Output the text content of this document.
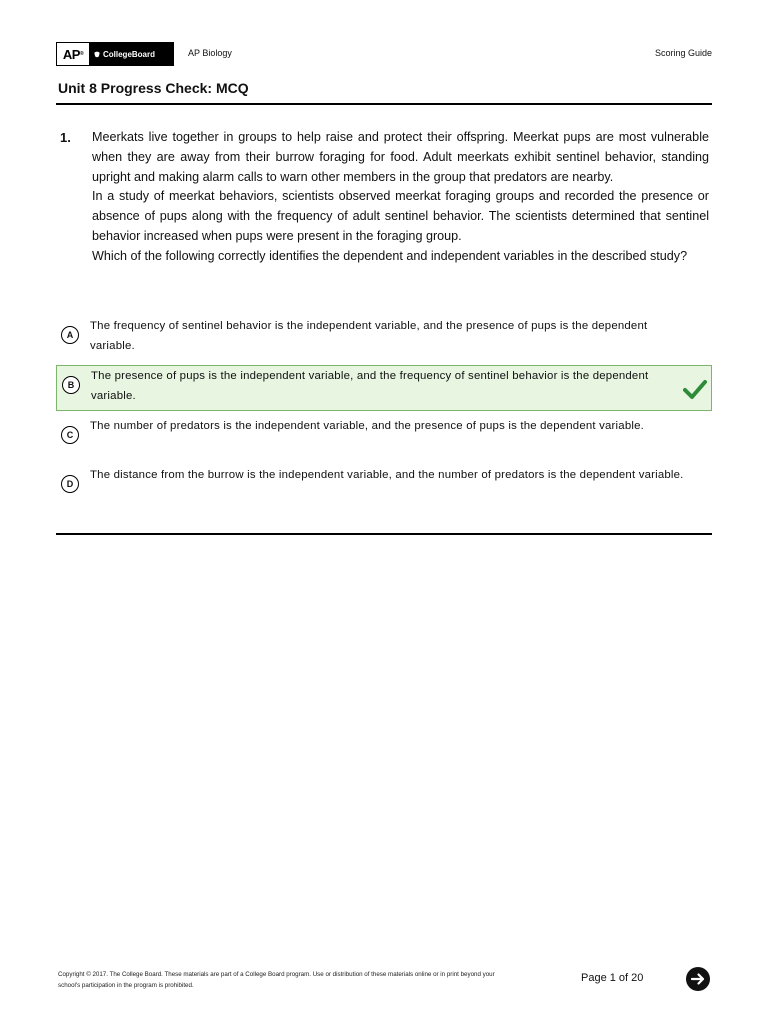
AP ® CollegeBoard	AP Biology	Scoring Guide
Unit 8 Progress Check: MCQ
1. Meerkats live together in groups to help raise and protect their offspring. Meerkat pups are most vulnerable when they are away from their burrow foraging for food. Adult meerkats exhibit sentinel behavior, standing upright and making alarm calls to warn other members in the group that predators are nearby.

In a study of meerkat behaviors, scientists observed meerkat foraging groups and recorded the presence or absence of pups along with the frequency of adult sentinel behavior. The scientists determined that sentinel behavior increased when pups were present in the foraging group.

Which of the following correctly identifies the dependent and independent variables in the described study?

A
The frequency of sentinel behavior is the independent variable, and the presence of pups is the dependent variable.
B
The presence of pups is the independent variable, and the frequency of sentinel behavior is the dependent variable.
C
The number of predators is the independent variable, and the presence of pups is the dependent variable.
D
The distance from the burrow is the independent variable, and the number of predators is the dependent variable.
Copyright © 2017. The College Board. These materials are part of a College Board program. Use or distribution of these materials online or in print beyond your school's participation in the program is prohibited.
Page 1 of 20
